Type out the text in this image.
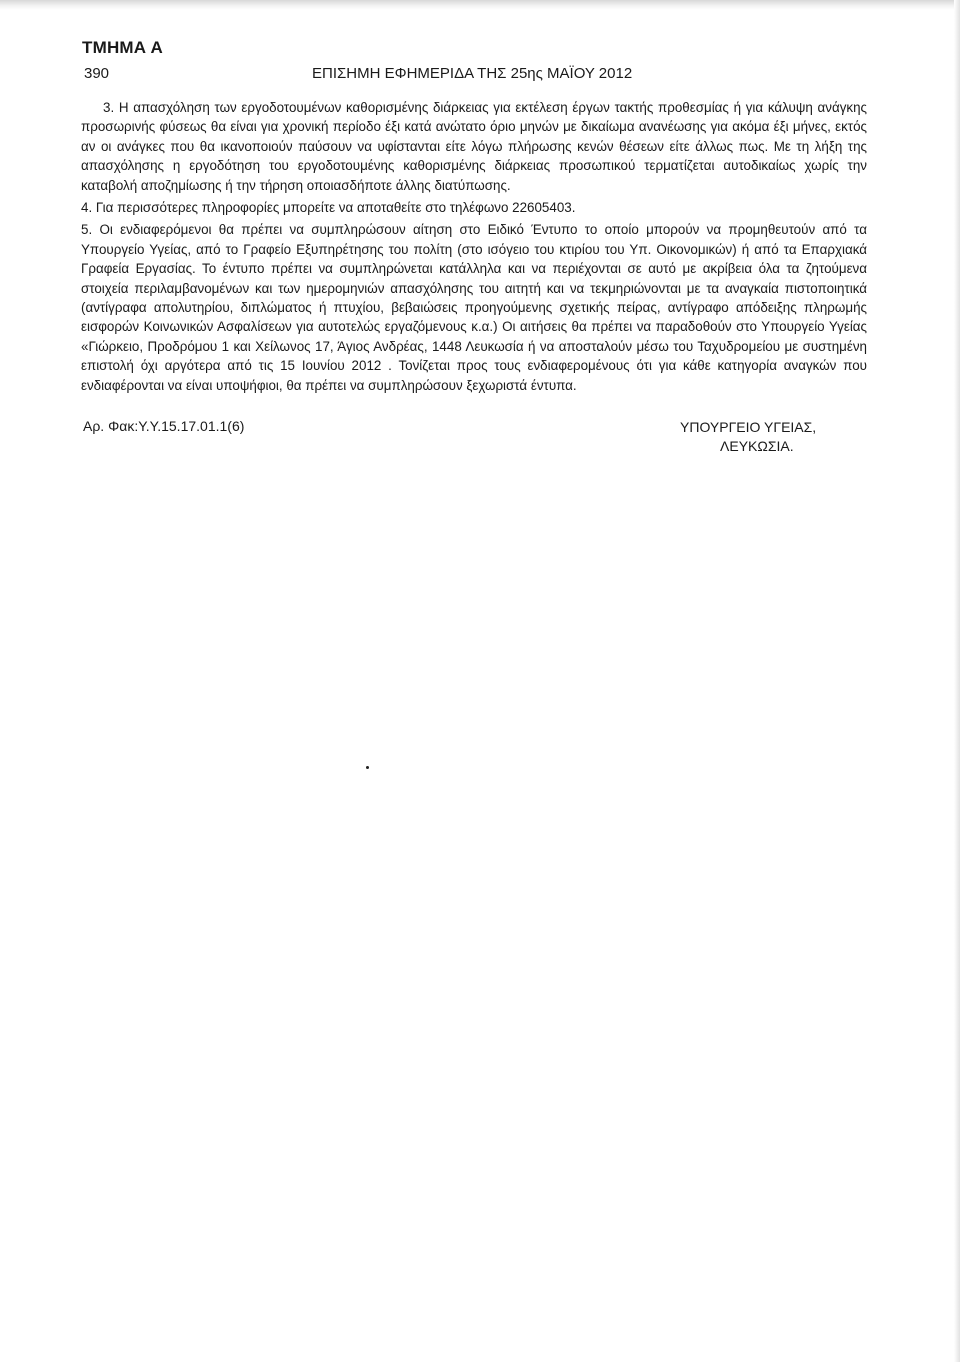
ΤΜΗΜΑ Α
390	ΕΠΙΣΗΜΗ ΕΦΗΜΕΡΙΔΑ ΤΗΣ 25ης ΜΑΪΟΥ 2012

3. Η απασχόληση των εργοδοτουμένων καθορισμένης διάρκειας για εκτέλεση έργων τακτής προθεσμίας ή για κάλυψη ανάγκης προσωρινής φύσεως θα είναι για χρονική περίοδο έξι κατά ανώτατο όριο μηνών με δικαίωμα ανανέωσης για ακόμα έξι μήνες, εκτός αν οι ανάγκες που θα ικανοποιούν παύσουν να υφίστανται είτε λόγω πλήρωσης κενών θέσεων είτε άλλως πως. Με τη λήξη της απασχόλησης η εργοδότηση του εργοδοτουμένης καθορισμένης διάρκειας προσωπικού τερματίζεται αυτοδικαίως χωρίς την καταβολή αποζημίωσης ή την τήρηση οποιασδήποτε άλλης διατύπωσης.

4. Για περισσότερες πληροφορίες μπορείτε να αποταθείτε στο τηλέφωνο 22605403.

5. Οι ενδιαφερόμενοι θα πρέπει να συμπληρώσουν αίτηση στο Ειδικό Έντυπο το οποίο μπορούν να προμηθευτούν από τα Υπουργείο Υγείας, από το Γραφείο Εξυπηρέτησης του πολίτη (στο ισόγειο του κτιρίου του Υπ. Οικονομικών) ή από τα Επαρχιακά Γραφεία Εργασίας. Το έντυπο πρέπει να συμπληρώνεται κατάλληλα και να περιέχονται σε αυτό με ακρίβεια όλα τα ζητούμενα στοιχεία περιλαμβανομένων και των ημερομηνιών απασχόλησης του αιτητή και να τεκμηριώνονται με τα αναγκαία πιστοποιητικά (αντίγραφα απολυτηρίου, διπλώματος ή πτυχίου, βεβαιώσεις προηγούμενης σχετικής πείρας, αντίγραφο απόδειξης πληρωμής εισφορών Κοινωνικών Ασφαλίσεων για αυτοτελώς εργαζόμενους κ.α.) Οι αιτήσεις θα πρέπει να παραδοθούν στο Υπουργείο Υγείας «Γιώρκειο, Προδρόμου 1 και Χείλωνος 17, Άγιος Ανδρέας, 1448 Λευκωσία ή να αποσταλούν μέσω του Ταχυδρομείου με συστημένη επιστολή όχι αργότερα από τις 15 Ιουνίου 2012 . Τονίζεται προς τους ενδιαφερομένους ότι για κάθε κατηγορία αναγκών που ενδιαφέρονται να είναι υποψήφιοι, θα πρέπει να συμπληρώσουν ξεχωριστά έντυπα.

Αρ. Φακ:Υ.Υ.15.17.01.1(6)	ΥΠΟΥΡΓΕΙΟ ΥΓΕΙΑΣ,
ΛΕΥΚΩΣΙΑ.
